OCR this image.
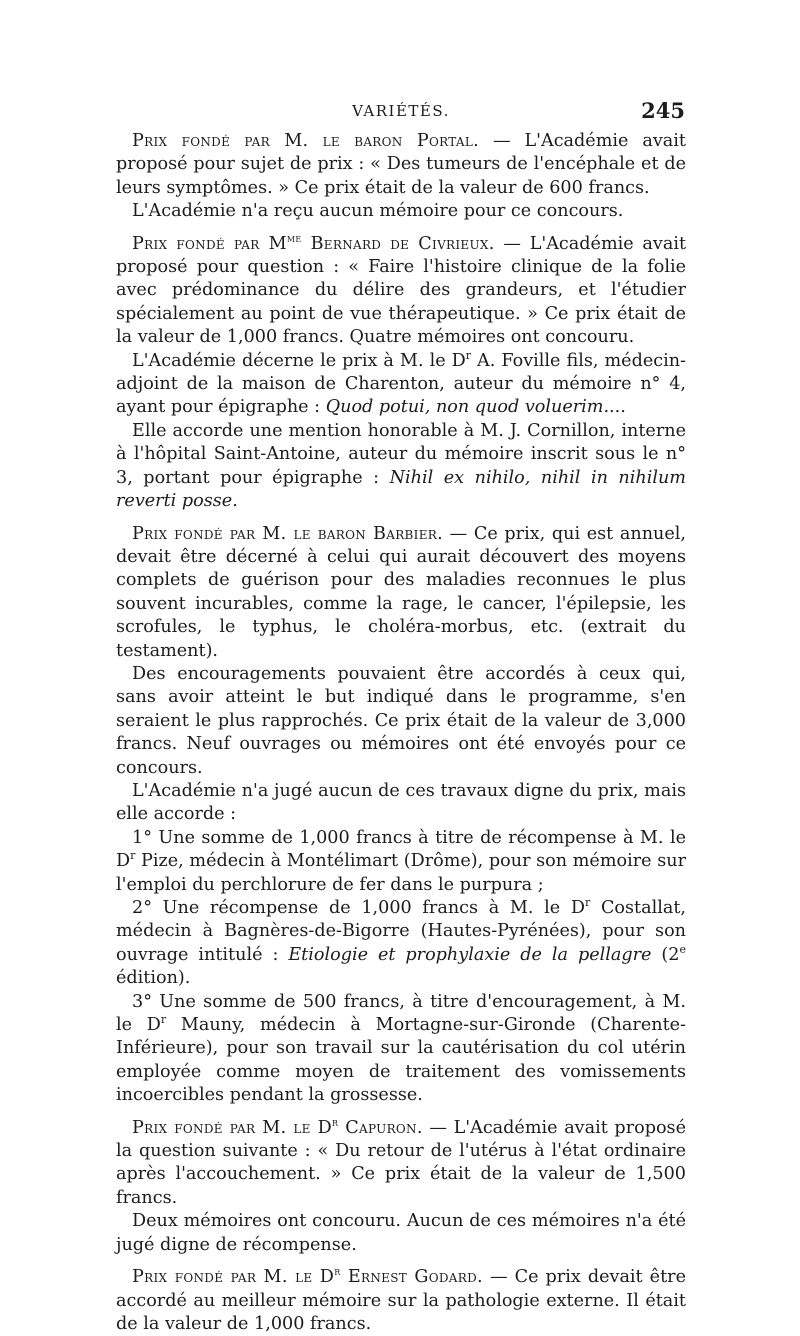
VARIÉTÉS.	245

Prix fondé par M. le baron Portal. — L'Académie avait proposé pour sujet de prix : « Des tumeurs de l'encéphale et de leurs symptômes. » Ce prix était de la valeur de 600 francs.

L'Académie n'a reçu aucun mémoire pour ce concours.

Prix fondé par $M^{me}$ Bernard de Civrieux. — L'Académie avait proposé pour question : « Faire l'histoire clinique de la folie avec prédominance du délire des grandeurs, et l'étudier spécialement au point de vue thérapeutique. » Ce prix était de la valeur de 1,000 francs. Quatre mémoires ont concouru.

L'Académie décerne le prix à M. le $D^r$ A. Foville fils, médecin-adjoint de la maison de Charenton, auteur du mémoire n° 4, ayant pour épigraphe : Quod potui, non quod voluerim....

Elle accorde une mention honorable à M. J. Cornillon, interne à l'hôpital Saint-Antoine, auteur du mémoire inscrit sous le n° 3, portant pour épigraphe : Nihil ex nihilo, nihil in nihilum reverti posse.

Prix fondé par M. le baron Barbier. — Ce prix, qui est annuel, devait être décerné à celui qui aurait découvert des moyens complets de guérison pour des maladies reconnues le plus souvent incurables, comme la rage, le cancer, l'épilepsie, les scrofules, le typhus, le choléra-morbus, etc. (extrait du testament).

Des encouragements pouvaient être accordés à ceux qui, sans avoir atteint le but indiqué dans le programme, s'en seraient le plus rapprochés. Ce prix était de la valeur de 3,000 francs. Neuf ouvrages ou mémoires ont été envoyés pour ce concours.

L'Académie n'a jugé aucun de ces travaux digne du prix, mais elle accorde :

1° Une somme de 1,000 francs à titre de récompense à M. le $D^r$ Pize, médecin à Montélimart (Drôme), pour son mémoire sur l'emploi du perchlorure de fer dans le purpura ;

2° Une récompense de 1,000 francs à M. le $D^r$ Costallat, médecin à Bagnères-de-Bigorre (Hautes-Pyrénées), pour son ouvrage intitulé : Etiologie et prophylaxie de la pellagre (2e édition).

3° Une somme de 500 francs, à titre d'encouragement, à M. le $D^r$ Mauny, médecin à Mortagne-sur-Gironde (Charente-Inférieure), pour son travail sur la cautérisation du col utérin employée comme moyen de traitement des vomissements incoercibles pendant la grossesse.

Prix fondé par M. le $D^r$ Capuron. — L'Académie avait proposé la question suivante : « Du retour de l'utérus à l'état ordinaire après l'accouchement. » Ce prix était de la valeur de 1,500 francs.

Deux mémoires ont concouru. Aucun de ces mémoires n'a été jugé digne de récompense.

Prix fondé par M. le $D^r$ Ernest Godard. — Ce prix devait être accordé au meilleur mémoire sur la pathologie externe. Il était de la valeur de 1,000 francs.
